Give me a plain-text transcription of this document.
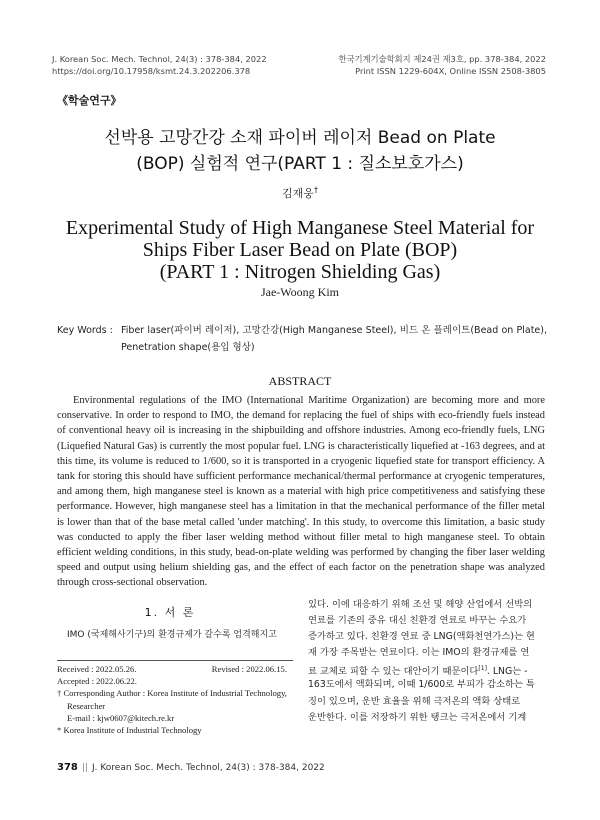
J. Korean Soc. Mech. Technol, 24(3) : 378-384, 2022
https://doi.org/10.17958/ksmt.24.3.202206.378
한국기계기술학회지 제24권 제3호, pp. 378-384, 2022
Print ISSN 1229-604X, Online ISSN 2508-3805
《학술연구》
선박용 고망간강 소재 파이버 레이저 Bead on Plate
(BOP) 실험적 연구(PART 1 : 질소보호가스)
김재웅†
Experimental Study of High Manganese Steel Material for
Ships Fiber Laser Bead on Plate (BOP)
(PART 1 : Nitrogen Shielding Gas)
Jae-Woong Kim
Key Words : Fiber laser(파이버 레이저), 고망간강(High Manganese Steel), 비드 온 플레이트(Bead on Plate), Penetration shape(용입 형상)
ABSTRACT

Environmental regulations of the IMO (International Maritime Organization) are becoming more and more conservative. In order to respond to IMO, the demand for replacing the fuel of ships with eco-friendly fuels instead of conventional heavy oil is increasing in the shipbuilding and offshore industries. Among eco-friendly fuels, LNG (Liquefied Natural Gas) is currently the most popular fuel. LNG is characteristically liquefied at -163 degrees, and at this time, its volume is reduced to 1/600, so it is transported in a cryogenic liquefied state for transport efficiency. A tank for storing this should have sufficient performance mechanical/thermal performance at cryogenic temperatures, and among them, high manganese steel is known as a material with high price competitiveness and satisfying these performance. However, high manganese steel has a limitation in that the mechanical performance of the filler metal is lower than that of the base metal called 'under matching'. In this study, to overcome this limitation, a basic study was conducted to apply the fiber laser welding method without filler metal to high manganese steel. To obtain efficient welding conditions, in this study, bead-on-plate welding was performed by changing the fiber laser welding speed and output using helium shielding gas, and the effect of each factor on the penetration shape was analyzed through cross-sectional observation.

1. 서 론

IMO (국제해사기구)의 환경규제가 갈수록 엄격해지고

Received : 2022.05.26.	Revised : 2022.06.15.
Accepted : 2022.06.22.
† Corresponding Author : Korea Institute of Industrial Technology,
Researcher
E-mail : kjw0607@kitech.re.kr
* Korea Institute of Industrial Technology
있다. 이에 대응하기 위해 조선 및 해양 산업에서 선박의
연료를 기존의 중유 대신 친환경 연료로 바꾸는 수요가
증가하고 있다. 친환경 연료 중 LNG(액화천연가스)는 현
재 가장 주목받는 연료이다. 이는 IMO의 환경규제를 연
료 교체로 피할 수 있는 대안이기 때문이다[1]. LNG는 -
163도에서 액화되며, 이때 1/600로 부피가 감소하는 특
징이 있으며, 운반 효율을 위해 극저온의 액화 상태로
운반한다. 이를 저장하기 위한 탱크는 극저온에서 기계
378 || J. Korean Soc. Mech. Technol, 24(3) : 378-384, 2022
